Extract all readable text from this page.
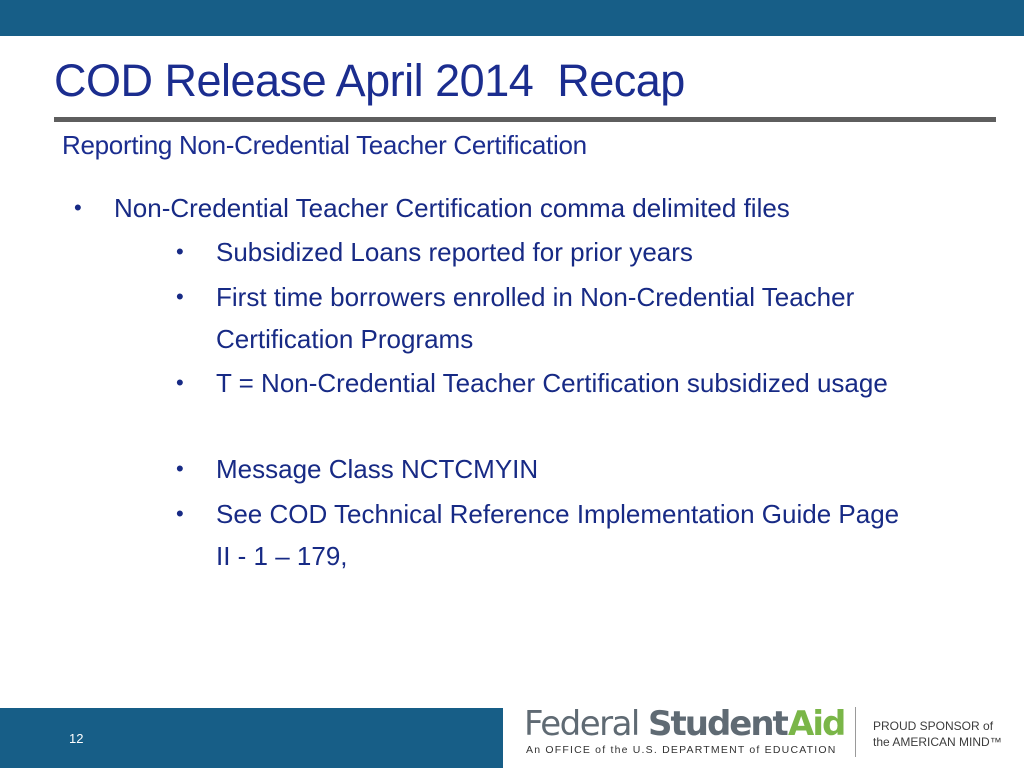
COD Release April 2014  Recap
Reporting Non-Credential Teacher Certification
• Non-Credential Teacher Certification comma delimited files
• Subsidized Loans reported for prior years
• First time borrowers enrolled in Non-Credential Teacher Certification Programs
• T = Non-Credential Teacher Certification subsidized usage
• Message Class NCTCMYIN
• See COD Technical Reference Implementation Guide Page II - 1 – 179,
12	Federal Student Aid
An OFFICE of the U.S. DEPARTMENT of EDUCATION
PROUD SPONSOR of
the AMERICAN MIND™
